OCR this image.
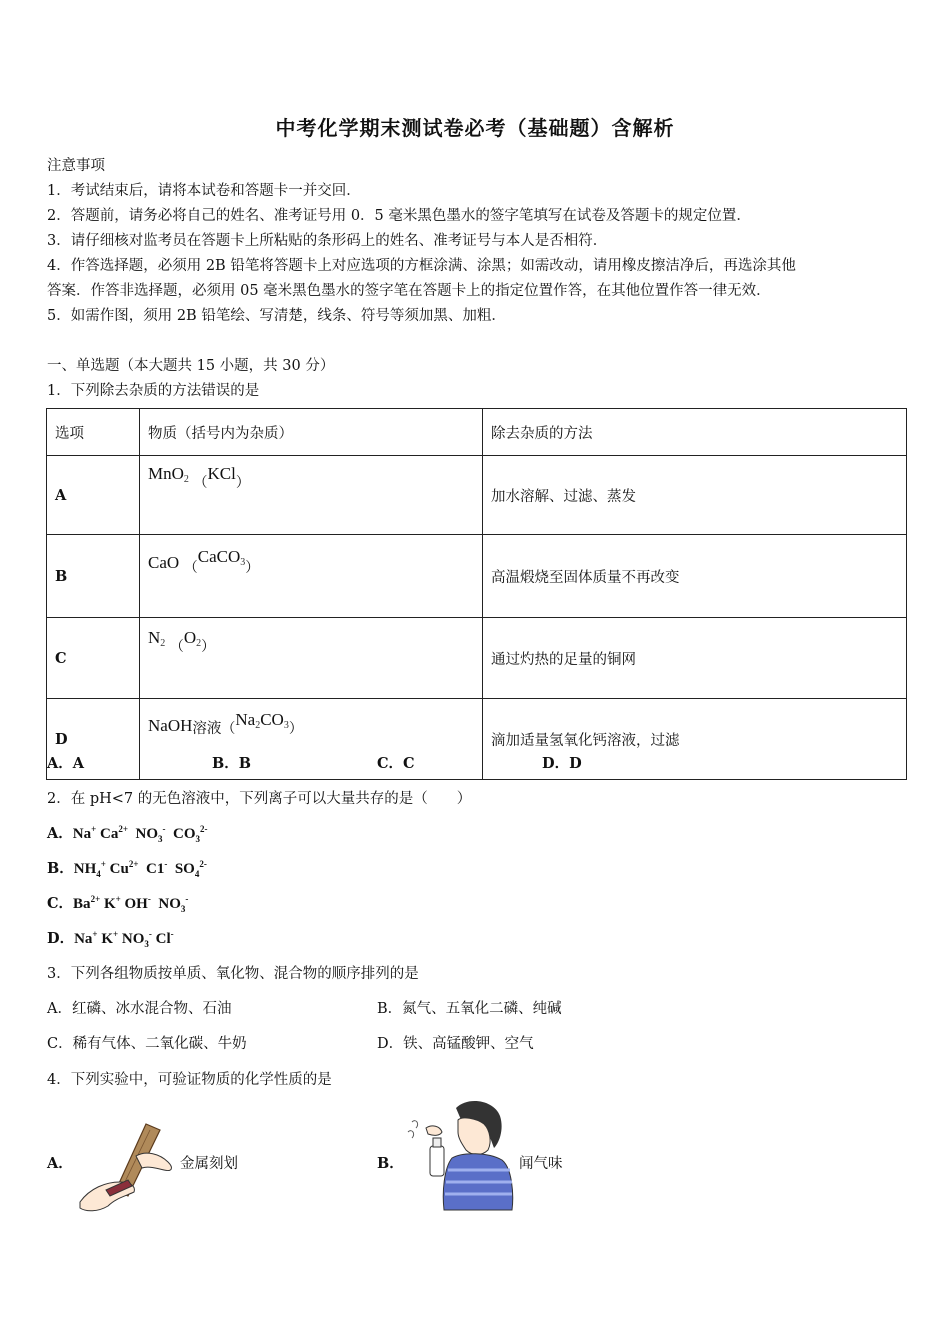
中考化学期末测试卷必考（基础题）含解析
注意事项
1．考试结束后，请将本试卷和答题卡一并交回．
2．答题前，请务必将自己的姓名、准考证号用 0．5 毫米黑色墨水的签字笔填写在试卷及答题卡的规定位置．
3．请仔细核对监考员在答题卡上所粘贴的条形码上的姓名、准考证号与本人是否相符．
4．作答选择题，必须用 2B 铅笔将答题卡上对应选项的方框涂满、涂黑；如需改动，请用橡皮擦洁净后，再选涂其他
答案．作答非选择题，必须用 05 毫米黑色墨水的签字笔在答题卡上的指定位置作答，在其他位置作答一律无效．
5．如需作图，须用 2B 铅笔绘、写清楚，线条、符号等须加黑、加粗．
一、单选题（本大题共 15 小题，共 30 分）
1．下列除去杂质的方法错误的是
选项	物质（括号内为杂质）	除去杂质的方法
A	MnO$_2$ （KCl）	加水溶解、过滤、蒸发
B	CaO （CaCO$_3$）	高温煅烧至固体质量不再改变
C	$N_2$ $(O_2)$	通过灼热的足量的铜网
D	NaOH溶液$(Na_2CO_3)$	滴加适量氢氧化钙溶液，过滤
A．A	B．B	C．C	D．D
2．在 pH<7 的无色溶液中，下列离子可以大量共存的是（　　）
A．Na+ $Ca^{2+}$ $NO_3^-$ $CO_3^{2-}$
B．$NH_4^+$ $Cu^{2+}$ C1- $SO_4^{2-}$
C．$Ba^{2+}$ K+ OH- $NO_3^-$
D．Na+ K+ $NO_3^-$ Cl-
3．下列各组物质按单质、氧化物、混合物的顺序排列的是
A．红磷、冰水混合物、石油	B．氮气、五氧化二磷、纯碱
C．稀有气体、二氧化碳、牛奶	D．铁、高锰酸钾、空气
4．下列实验中，可验证物质的化学性质的是
A．	金属刻划	B．	闻气味
